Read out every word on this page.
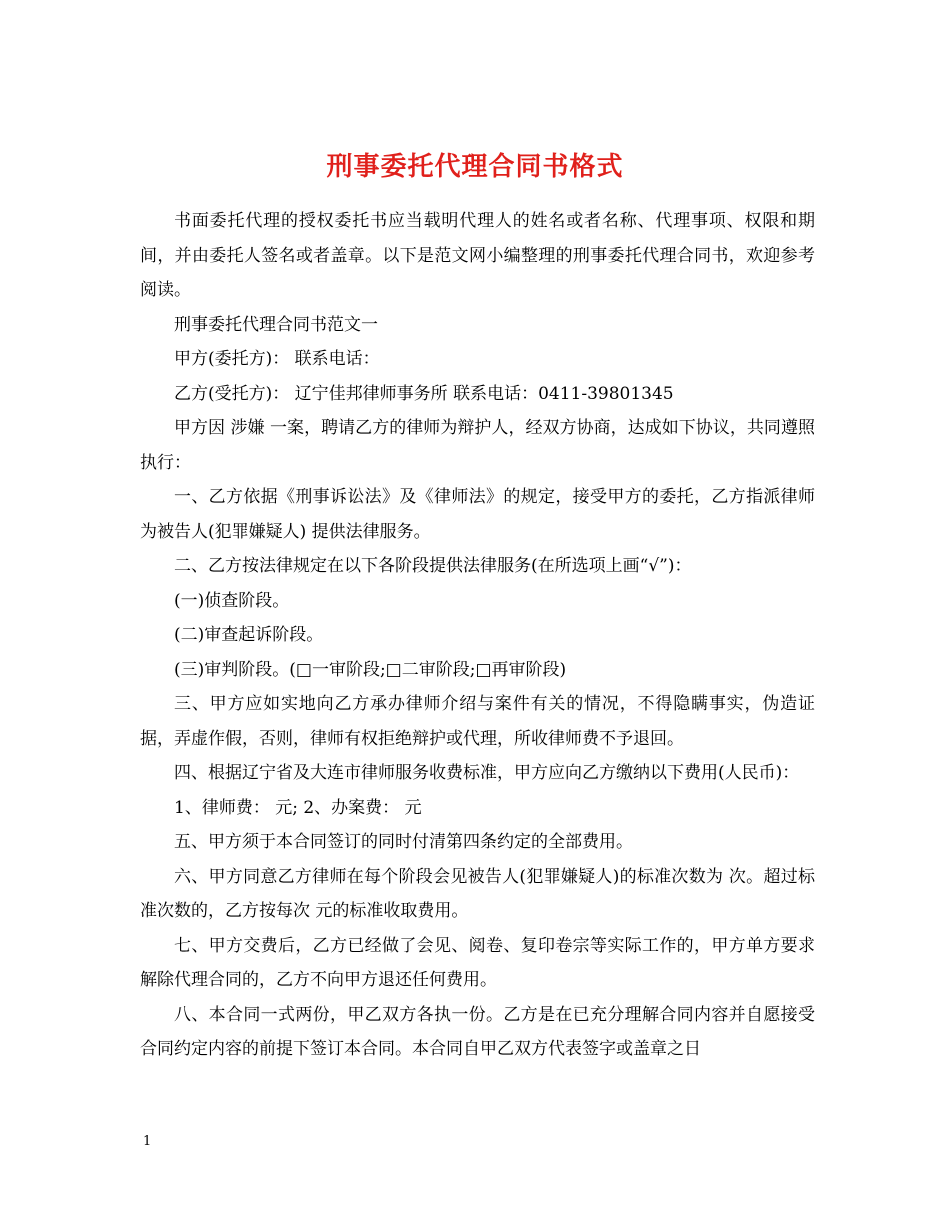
刑事委托代理合同书格式

书面委托代理的授权委托书应当载明代理人的姓名或者名称、代理事项、权限和期间，并由委托人签名或者盖章。以下是范文网小编整理的刑事委托代理合同书，欢迎参考阅读。

刑事委托代理合同书范文一

甲方(委托方)： 联系电话：

乙方(受托方)： 辽宁佳邦律师事务所 联系电话：0411-39801345

甲方因 涉嫌 一案，聘请乙方的律师为辩护人，经双方协商，达成如下协议，共同遵照执行：

一、乙方依据《刑事诉讼法》及《律师法》的规定，接受甲方的委托，乙方指派律师 为被告人(犯罪嫌疑人) 提供法律服务。

二、乙方按法律规定在以下各阶段提供法律服务(在所选项上画“√”)：

(一)侦查阶段。

(二)审查起诉阶段。

(三)审判阶段。(□一审阶段;□二审阶段;□再审阶段)

三、甲方应如实地向乙方承办律师介绍与案件有关的情况，不得隐瞒事实，伪造证据，弄虚作假，否则，律师有权拒绝辩护或代理，所收律师费不予退回。

四、根据辽宁省及大连市律师服务收费标准，甲方应向乙方缴纳以下费用(人民币)：

1、律师费： 元; 2、办案费： 元

五、甲方须于本合同签订的同时付清第四条约定的全部费用。

六、甲方同意乙方律师在每个阶段会见被告人(犯罪嫌疑人)的标准次数为 次。超过标准次数的，乙方按每次 元的标准收取费用。

七、甲方交费后，乙方已经做了会见、阅卷、复印卷宗等实际工作的，甲方单方要求解除代理合同的，乙方不向甲方退还任何费用。

八、本合同一式两份，甲乙双方各执一份。乙方是在已充分理解合同内容并自愿接受合同约定内容的前提下签订本合同。本合同自甲乙双方代表签字或盖章之日

1
